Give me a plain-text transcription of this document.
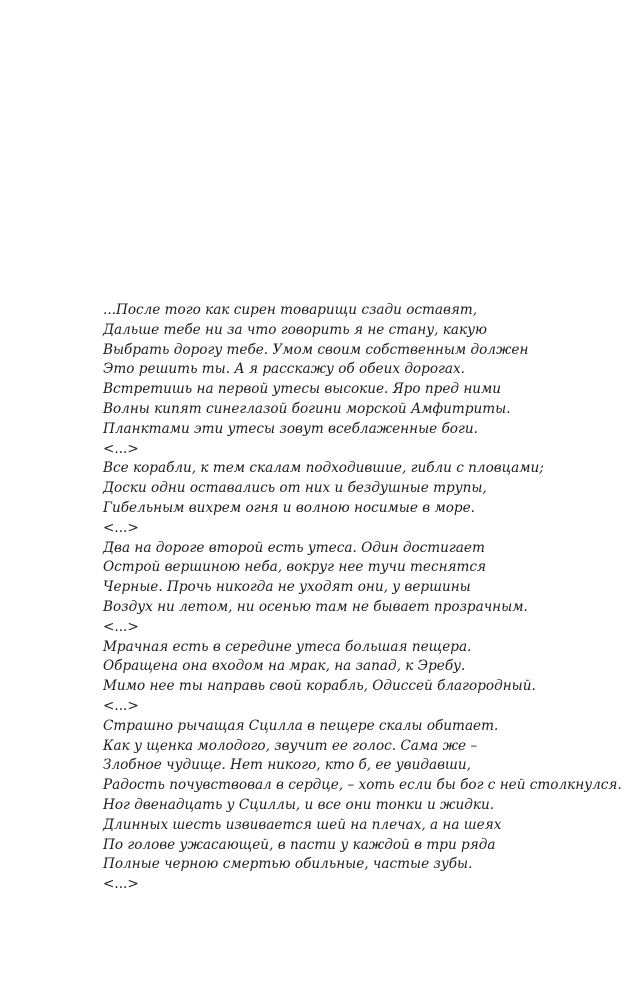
...После того как сирен товарищи сзади оставят,
Дальше тебе ни за что говорить я не стану, какую
Выбрать дорогу тебе. Умом своим собственным должен
Это решить ты. А я расскажу об обеих дорогах.
Встретишь на первой утесы высокие. Яро пред ними
Волны кипят синеглазой богини морской Амфитриты.
Планктами эти утесы зовут всеблаженные боги.
<...>
Все корабли, к тем скалам подходившие, гибли с пловцами;
Доски одни оставались от них и бездушные трупы,
Гибельным вихрем огня и волною носимые в море.
<...>
Два на дороге второй есть утеса. Один достигает
Острой вершиною неба, вокруг нее тучи теснятся
Черные. Прочь никогда не уходят они, у вершины
Воздух ни летом, ни осенью там не бывает прозрачным.
<...>
Мрачная есть в середине утеса большая пещера.
Обращена она входом на мрак, на запад, к Эребу.
Мимо нее ты направь свой корабль, Одиссей благородный.
<...>
Страшно рычащая Сцилла в пещере скалы обитает.
Как у щенка молодого, звучит ее голос. Сама же –
Злобное чудище. Нет никого, кто б, ее увидавши,
Радость почувствовал в сердце, – хоть если бы бог с ней столкнулся.
Ног двенадцать у Сциллы, и все они тонки и жидки.
Длинных шесть извивается шей на плечах, а на шеях
По голове ужасающей, в пасти у каждой в три ряда
Полные черною смертью обильные, частые зубы.
<...>
